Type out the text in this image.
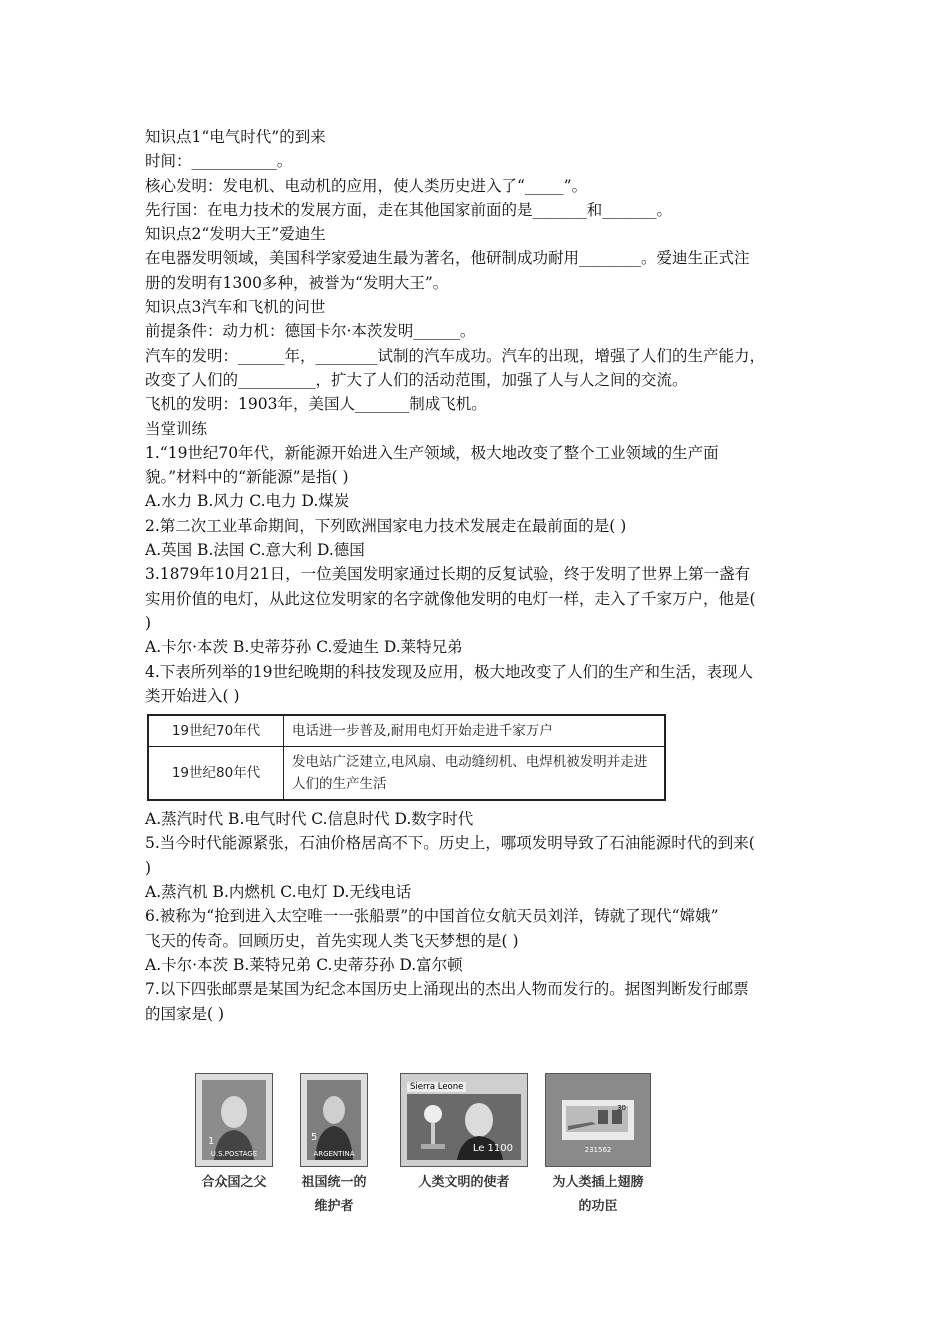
知识点1“电气时代”的到来
时间：___________。
核心发明：发电机、电动机的应用，使人类历史进入了“_____”。
先行国：在电力技术的发展方面，走在其他国家前面的是_______和_______。
知识点2“发明大王”爱迪生
在电器发明领域，美国科学家爱迪生最为著名，他研制成功耐用________。爱迪生正式注
册的发明有1300多种，被誉为“发明大王”。
知识点3汽车和飞机的问世
前提条件：动力机：德国卡尔·本茨发明______。
汽车的发明：______年，________试制的汽车成功。汽车的出现，增强了人们的生产能力，
改变了人们的__________，扩大了人们的活动范围，加强了人与人之间的交流。
飞机的发明：1903年，美国人_______制成飞机。
当堂训练
1.“19世纪70年代，新能源开始进入生产领域，极大地改变了整个工业领域的生产面
貌。”材料中的“新能源”是指( )
A.水力 B.风力 C.电力 D.煤炭
2.第二次工业革命期间，下列欧洲国家电力技术发展走在最前面的是( )
A.英国 B.法国 C.意大利 D.德国
3.1879年10月21日，一位美国发明家通过长期的反复试验，终于发明了世界上第一盏有
实用价值的电灯，从此这位发明家的名字就像他发明的电灯一样，走入了千家万户，他是(
)
A.卡尔·本茨 B.史蒂芬孙 C.爱迪生 D.莱特兄弟
4.下表所列举的19世纪晚期的科技发现及应用，极大地改变了人们的生产和生活，表现人
类开始进入( )
19世纪70年代	电话进一步普及,耐用电灯开始走进千家万户
19世纪80年代	发电站广泛建立,电风扇、电动缝纫机、电焊机被发明并走进人们的生产生活
A.蒸汽时代 B.电气时代 C.信息时代 D.数字时代
5.当今时代能源紧张，石油价格居高不下。历史上，哪项发明导致了石油能源时代的到来(
)
A.蒸汽机 B.内燃机 C.电灯 D.无线电话
6.被称为“抢到进入太空唯一一张船票”的中国首位女航天员刘洋，铸就了现代“嫦娥”
飞天的传奇。回顾历史，首先实现人类飞天梦想的是( )
A.卡尔·本茨 B.莱特兄弟 C.史蒂芬孙 D.富尔顿
7.以下四张邮票是某国为纪念本国历史上涌现出的杰出人物而发行的。据图判断发行邮票
的国家是( )
U.S.POSTAGE
1
ARGENTINA
5
Sierra Leone
Le 1100	231562
30
合众国之父	祖国统一的维护者
人类文明的使者	为人类插上翅膀的功臣
